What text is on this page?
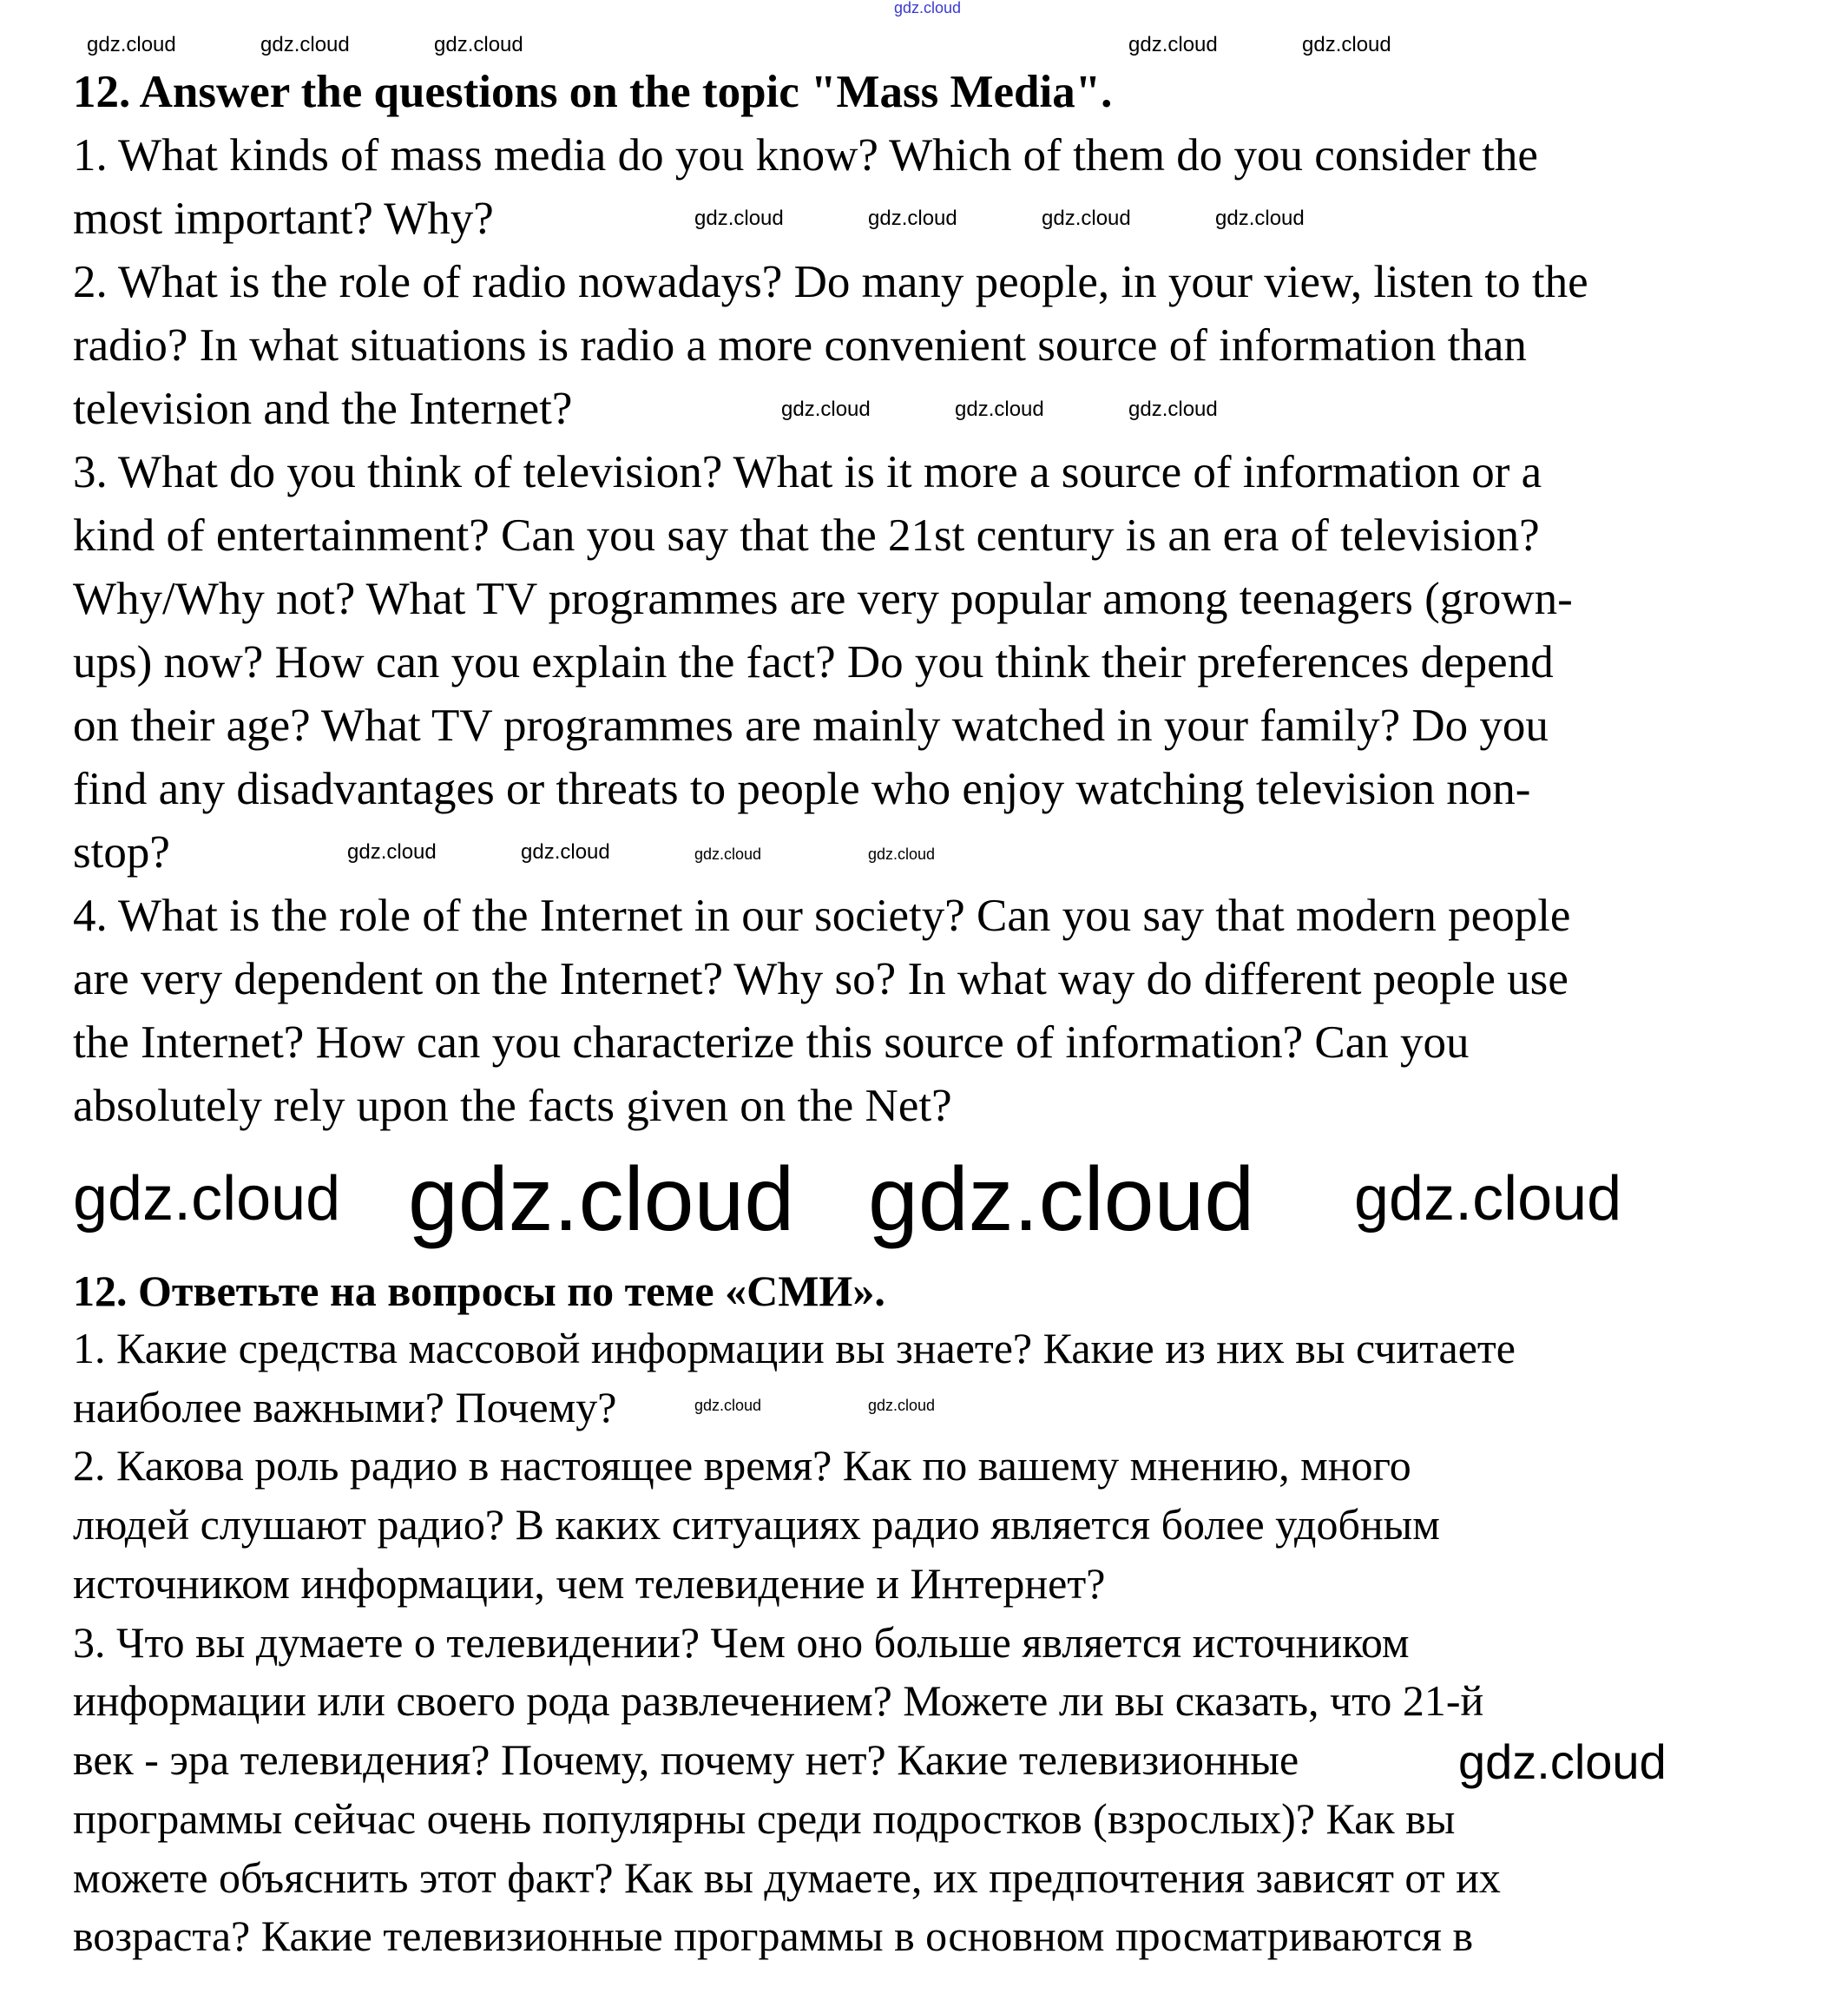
12. Answer the questions on the topic "Mass Media".
1. What kinds of mass media do you know? Which of them do you consider the
most important? Why?
2. What is the role of radio nowadays? Do many people, in your view, listen to the
radio? In what situations is radio a more convenient source of information than
television and the Internet?
3. What do you think of television? What is it more a source of information or a
kind of entertainment? Can you say that the 21st century is an era of television?
Why/Why not? What TV programmes are very popular among teenagers (grown-
ups) now? How can you explain the fact? Do you think their preferences depend
on their age? What TV programmes are mainly watched in your family? Do you
find any disadvantages or threats to people who enjoy watching television non-
stop?
4. What is the role of the Internet in our society? Can you say that modern people
are very dependent on the Internet? Why so? In what way do different people use
the Internet? How can you characterize this source of information? Can you
absolutely rely upon the facts given on the Net?
12. Ответьте на вопросы по теме «СМИ».
1. Какие средства массовой информации вы знаете? Какие из них вы считаете
наиболее важными? Почему?
2. Какова роль радио в настоящее время? Как по вашему мнению, много
людей слушают радио? В каких ситуациях радио является более удобным
источником информации, чем телевидение и Интернет?
3. Что вы думаете о телевидении? Чем оно больше является источником
информации или своего рода развлечением? Можете ли вы сказать, что 21-й
век - эра телевидения? Почему, почему нет? Какие телевизионные
программы сейчас очень популярны среди подростков (взрослых)? Как вы
можете объяснить этот факт? Как вы думаете, их предпочтения зависят от их
возраста? Какие телевизионные программы в основном просматриваются в
gdz.cloud
gdz.cloud	gdz.cloud	gdz.cloud	gdz.cloud	gdz.cloud
gdz.cloud	gdz.cloud	gdz.cloud	gdz.cloud
gdz.cloud	gdz.cloud	gdz.cloud
gdz.cloud	gdz.cloud	gdz.cloud	gdz.cloud
gdz.cloud gdz.cloud gdz.cloud gdz.cloud
gdz.cloud	gdz.cloud
gdz.cloud
